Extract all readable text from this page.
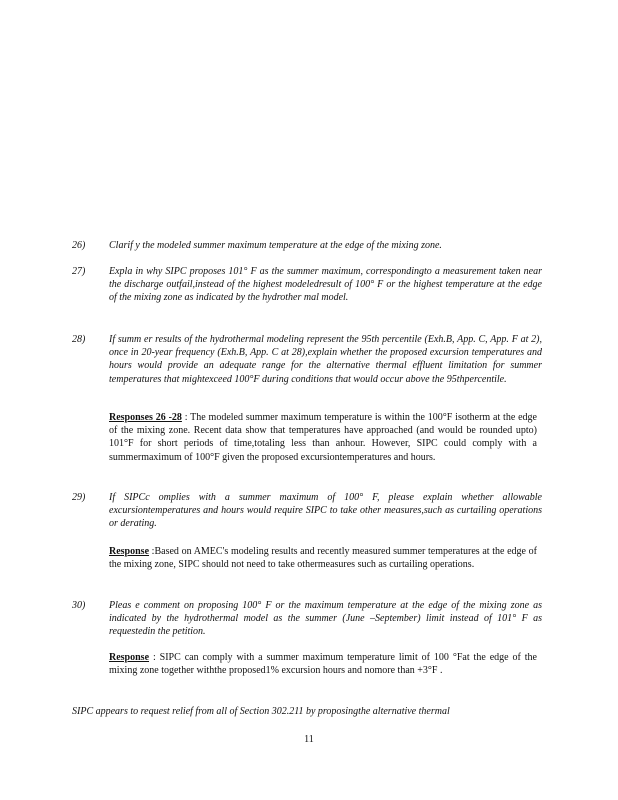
26) Clarif y the modeled summer maximum temperature at the edge of the mixing zone.
27) Expla in why SIPC proposes 101° F as the summer maximum, correspondingto a measurement taken near the discharge outfail,instead of the highest modeledresult of 100° F or the highest temperature at the edge of the mixing zone as indicated by the hydrother mal model.
28) If summ er results of the hydrothermal modeling represent the 95th percentile (Exh.B, App. C, App. F at 2), once in 20-year frequency (Exh.B, App. C at 28),explain whether the proposed excursion temperatures and hours would provide an adequate range for the alternative thermal effluent limitation for summer temperatures that mightexceed 100°F during conditions that would occur above the 95thpercentile.
Responses 26 -28 : The modeled summer maximum temperature is within the 100°F isotherm at the edge of the mixing zone. Recent data show that temperatures have approached (and would be rounded upto) 101°F for short periods of time,totaling less than anhour. However, SIPC could comply with a summermaximum of 100°F given the proposed excursiontemperatures and hours.
29) If SIPCc omplies with a summer maximum of 100° F, please explain whether allowable excursiontemperatures and hours would require SIPC to take other measures,such as curtailing operations or derating.
Response :Based on AMEC's modeling results and recently measured summer temperatures at the edge of the mixing zone, SIPC should not need to take othermeasures such as curtailing operations.
30) Pleas e comment on proposing 100° F or the maximum temperature at the edge of the mixing zone as indicated by the hydrothermal model as the summer (June –September) limit instead of 101° F as requestedin the petition.
Response : SIPC can comply with a summer maximum temperature limit of 100 °Fat the edge of the mixing zone together withthe proposed1% excursion hours and nomore than +3°F .
SIPC appears to request relief from all of Section 302.211 by proposingthe alternative thermal
11
